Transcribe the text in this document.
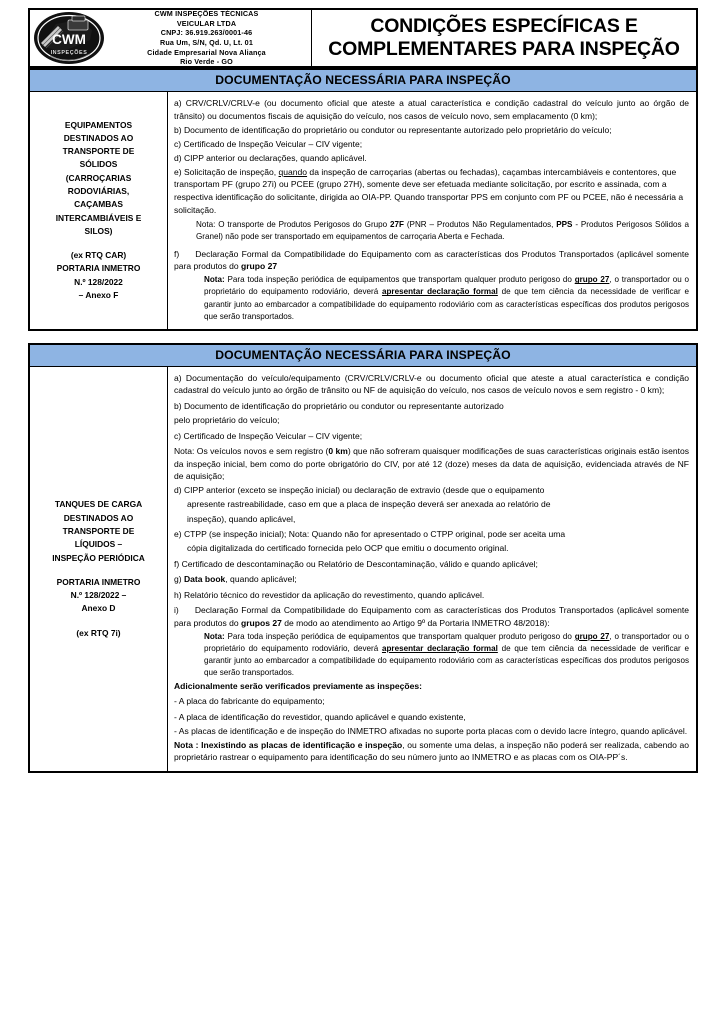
CWM
INSPEÇÕES
CWM INSPEÇÕES TÉCNICAS
VEICULAR LTDA
CNPJ: 36.919.263/0001-46
Rua Um, S/N, Qd. U, Lt. 01
Cidade Empresarial Nova Aliança
Rio Verde - GO
CONDIÇÕES ESPECÍFICAS E
COMPLEMENTARES PARA INSPEÇÃO
DOCUMENTAÇÃO NECESSÁRIA PARA INSPEÇÃO
EQUIPAMENTOS
DESTINADOS AO
TRANSPORTE DE
SÓLIDOS
(CARROÇARIAS
RODOVIÁRIAS,
CAÇAMBAS
INTERCAMBIÁVEIS E
SILOS)
(ex RTQ CAR)
PORTARIA INMETRO
N.º 128/2022
– Anexo F

a) CRV/CRLV/CRLV-e (ou documento oficial que ateste a atual característica e condição cadastral do veículo junto ao órgão de trânsito) ou documentos fiscais de aquisição do veículo, nos casos de veículo novo, sem emplacamento (0 km);

b) Documento de identificação do proprietário ou condutor ou representante autorizado pelo proprietário do veículo;

c) Certificado de Inspeção Veicular – CIV vigente;

d) CIPP anterior ou declarações, quando aplicável.

e) Solicitação de inspeção, quando da inspeção de carroçarias (abertas ou fechadas), caçambas intercambiáveis e contentores, que transportam PF (grupo 27i) ou PCEE (grupo 27H), somente deve ser efetuada mediante solicitação, por escrito e assinada, com a respectiva identificação do solicitante, dirigida ao OIA-PP. Quando transportar PPS em conjunto com PF ou PCEE, não é necessária a solicitação.

Nota: O transporte de Produtos Perigosos do Grupo 27F (PNR – Produtos Não Regulamentados, PPS - Produtos Perigosos Sólidos a Granel) não pode ser transportado em equipamentos de carroçaria Aberta e Fechada.

f)     Declaração Formal da Compatibilidade do Equipamento com as características dos Produtos Transportados (aplicável somente para produtos do grupo 27

Nota: Para toda inspeção periódica de equipamentos que transportam qualquer produto perigoso do grupo 27, o transportador ou o proprietário do equipamento rodoviário, deverá apresentar declaração formal de que tem ciência da necessidade de verificar e garantir junto ao embarcador a compatibilidade do equipamento rodoviário com as características específicas dos produtos perigosos que serão transportados.

DOCUMENTAÇÃO NECESSÁRIA PARA INSPEÇÃO
TANQUES DE CARGA
DESTINADOS AO
TRANSPORTE DE
LÍQUIDOS –
INSPEÇÃO PERIÓDICA
PORTARIA INMETRO
N.º 128/2022 –
Anexo D
(ex RTQ 7i)

a) Documentação do veículo/equipamento (CRV/CRLV/CRLV-e ou documento oficial que ateste a atual característica e condição cadastral do veículo junto ao órgão de trânsito ou NF de aquisição do veículo, nos casos de veículo novos e sem registro - 0 km);

b) Documento de identificação do proprietário ou condutor ou representante autorizado

pelo proprietário do veículo;

c) Certificado de Inspeção Veicular – CIV vigente;

Nota: Os veículos novos e sem registro (0 km) que não sofreram quaisquer modificações de suas características originais estão isentos da inspeção inicial, bem como do porte obrigatório do CIV, por até 12 (doze) meses da data de aquisição, evidenciada através de NF de aquisição;

d) CIPP anterior (exceto se inspeção inicial) ou declaração de extravio (desde que o equipamento

apresente rastreabilidade, caso em que a placa de inspeção deverá ser anexada ao relatório de

inspeção), quando aplicável,

e) CTPP (se inspeção inicial); Nota: Quando não for apresentado o CTPP original, pode ser aceita uma

cópia digitalizada do certificado fornecida pelo OCP que emitiu o documento original.

f) Certificado de descontaminação ou Relatório de Descontaminação, válido e quando aplicável;

g) Data book, quando aplicável;

h) Relatório técnico do revestidor da aplicação do revestimento, quando aplicável.

i)     Declaração Formal da Compatibilidade do Equipamento com as características dos Produtos Transportados (aplicável somente para produtos do grupos 27 de modo ao atendimento ao Artigo 9º da Portaria INMETRO 48/2018):

Nota: Para toda inspeção periódica de equipamentos que transportam qualquer produto perigoso do grupo 27, o transportador ou o proprietário do equipamento rodoviário, deverá apresentar declaração formal de que tem ciência da necessidade de verificar e garantir junto ao embarcador a compatibilidade do equipamento rodoviário com as características específicas dos produtos perigosos que serão transportados.

Adicionalmente serão verificados previamente as inspeções:

- A placa do fabricante do equipamento;

- A placa de identificação do revestidor, quando aplicável e quando existente,

- As placas de identificação e de inspeção do INMETRO afixadas no suporte porta placas com o devido lacre íntegro, quando aplicável.

Nota : Inexistindo as placas de identificação e inspeção, ou somente uma delas, a inspeção não poderá ser realizada, cabendo ao proprietário rastrear o equipamento para identificação do seu número junto ao INMETRO e as placas com os OIA-PP´s.
